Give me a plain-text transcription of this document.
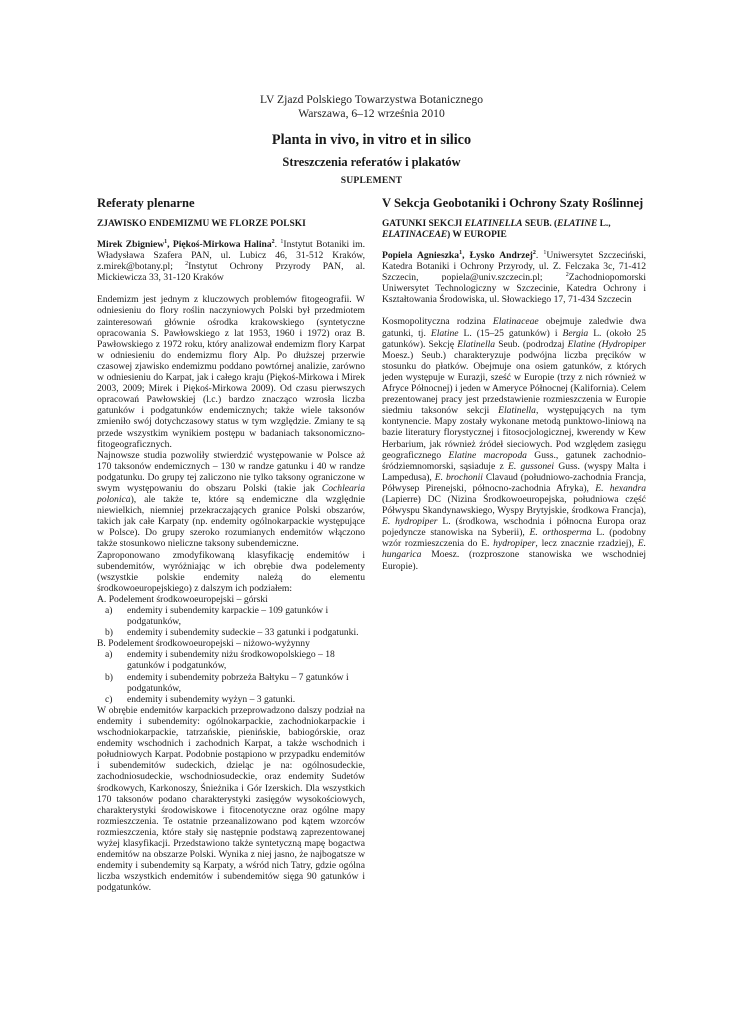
LV Zjazd Polskiego Towarzystwa Botanicznego
Warszawa, 6–12 września 2010
Planta in vivo, in vitro et in silico
Streszczenia referatów i plakatów
SUPLEMENT
Referaty plenarne
ZJAWISKO ENDEMIZMU WE FLORZE POLSKI
Mirek Zbigniew$^1$, Piękoś-Mirkowa Halina$^2$. $^1$Instytut Botaniki im. Władysława Szafera PAN, ul. Lubicz 46, 31-512 Kraków, z.mirek@botany.pl; $^2$Instytut Ochrony Przyrody PAN, al. Mickiewicza 33, 31-120 Kraków

Endemizm jest jednym z kluczowych problemów fitogeografii. W odniesieniu do flory roślin naczyniowych Polski był przedmiotem zainteresowań głównie ośrodka krakowskiego (syntetyczne opracowania S. Pawłowskiego z lat 1953, 1960 i 1972) oraz B. Pawłowskiego z 1972 roku, który analizował endemizm flory Karpat w odniesieniu do endemizmu flory Alp. Po dłuższej przerwie czasowej zjawisko endemizmu poddano powtórnej analizie, zarówno w odniesieniu do Karpat, jak i całego kraju (Piękoś-Mirkowa i Mirek 2003, 2009; Mirek i Piękoś-Mirkowa 2009). Od czasu pierwszych opracowań Pawłowskiej (l.c.) bardzo znacząco wzrosła liczba gatunków i podgatunków endemicznych; także wiele taksonów zmieniło swój dotychczasowy status w tym względzie. Zmiany te są przede wszystkim wynikiem postępu w badaniach taksonomiczno-fitogeograficznych.

Najnowsze studia pozwoliły stwierdzić występowanie w Polsce aż 170 taksonów endemicznych – 130 w randze gatunku i 40 w randze podgatunku. Do grupy tej zaliczono nie tylko taksony ograniczone w swym występowaniu do obszaru Polski (takie jak Cochlearia polonica), ale także te, które są endemiczne dla względnie niewielkich, niemniej przekraczających granice Polski obszarów, takich jak całe Karpaty (np. endemity ogólnokarpackie występujące w Polsce). Do grupy szeroko rozumianych endemitów włączono także stosunkowo nieliczne taksony subendemiczne.

Zaproponowano zmodyfikowaną klasyfikację endemitów i subendemitów, wyróżniając w ich obrębie dwa podelementy (wszystkie polskie endemity należą do elementu środkowoeuropejskiego) z dalszym ich podziałem:

A. Podelement środkowoeuropejski – górski

a)	endemity i subendemity karpackie – 109 gatunków i podgatunków,
b)	endemity i subendemity sudeckie – 33 gatunki i podgatunki.

B. Podelement środkowoeuropejski – niżowo-wyżynny

a)	endemity i subendemity niżu środkowopolskiego – 18 gatunków i podgatunków,
b)	endemity i subendemity pobrzeża Bałtyku – 7 gatunków i podgatunków,
c)	endemity i subendemity wyżyn – 3 gatunki.

W obrębie endemitów karpackich przeprowadzono dalszy podział na endemity i subendemity: ogólnokarpackie, zachodniokarpackie i wschodniokarpackie, tatrzańskie, pienińskie, babiogórskie, oraz endemity wschodnich i zachodnich Karpat, a także wschodnich i południowych Karpat. Podobnie postąpiono w przypadku endemitów i subendemitów sudeckich, dzieląc je na: ogólnosudeckie, zachodniosudeckie, wschodniosudeckie, oraz endemity Sudetów środkowych, Karkonoszy, Śnieżnika i Gór Izerskich. Dla wszystkich 170 taksonów podano charakterystyki zasięgów wysokościowych, charakterystyki środowiskowe i fitocenotyczne oraz ogólne mapy rozmieszczenia. Te ostatnie przeanalizowano pod kątem wzorców rozmieszczenia, które stały się następnie podstawą zaprezentowanej wyżej klasyfikacji. Przedstawiono także syntetyczną mapę bogactwa endemitów na obszarze Polski. Wynika z niej jasno, że najbogatsze w endemity i subendemity są Karpaty, a wśród nich Tatry, gdzie ogólna liczba wszystkich endemitów i subendemitów sięga 90 gatunków i podgatunków.

V Sekcja Geobotaniki i Ochrony Szaty Roślinnej
GATUNKI SEKCJI ELATINELLA SEUB. (ELATINE L., ELATINACEAE) W EUROPIE
Popiela Agnieszka$^1$, Łysko Andrzej$^2$. $^1$Uniwersytet Szczeciński, Katedra Botaniki i Ochrony Przyrody, ul. Z. Felczaka 3c, 71-412 Szczecin, popiela@univ.szczecin.pl; $^2$Zachodniopomorski Uniwersytet Technologiczny w Szczecinie, Katedra Ochrony i Kształtowania Środowiska, ul. Słowackiego 17, 71-434 Szczecin

Kosmopolityczna rodzina Elatinaceae obejmuje zaledwie dwa gatunki, tj. Elatine L. (15–25 gatunków) i Bergia L. (około 25 gatunków). Sekcję Elatinella Seub. (podrodzaj Elatine (Hydropiper Moesz.) Seub.) charakteryzuje podwójna liczba pręcików w stosunku do płatków. Obejmuje ona osiem gatunków, z których jeden występuje w Eurazji, sześć w Europie (trzy z nich również w Afryce Północnej) i jeden w Ameryce Północnej (Kalifornia). Celem prezentowanej pracy jest przedstawienie rozmieszczenia w Europie siedmiu taksonów sekcji Elatinella, występujących na tym kontynencie. Mapy zostały wykonane metodą punktowo-liniową na bazie literatury florystycznej i fitosocjologicznej, kwerendy w Kew Herbarium, jak również źródeł sieciowych. Pod względem zasięgu geograficznego Elatine macropoda Guss., gatunek zachodnio-śródziemnomorski, sąsiaduje z E. gussonei Guss. (wyspy Malta i Lampedusa), E. brochonii Clavaud (południowo-zachodnia Francja, Półwysep Pirenejski, północno-zachodnia Afryka), E. hexandra (Lapierre) DC (Nizina Środkowoeuropejska, południowa część Półwyspu Skandynawskiego, Wyspy Brytyjskie, środkowa Francja), E. hydropiper L. (środkowa, wschodnia i północna Europa oraz pojedyncze stanowiska na Syberii), E. orthosperma L. (podobny wzór rozmieszczenia do E. hydropiper, lecz znacznie rzadziej), E. hungarica Moesz. (rozproszone stanowiska we wschodniej Europie).
